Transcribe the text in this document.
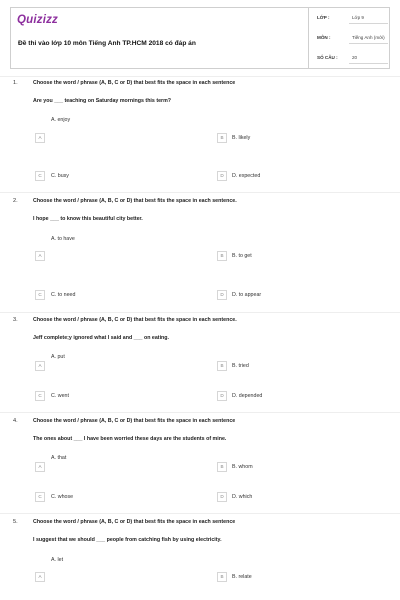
Quizizz
Đề thi vào lớp 10 môn Tiếng Anh TP.HCM 2018 có đáp án
LỚP :	Lớp 9
MÔN :	Tiếng Anh (mới)
SỐ CÂU :	20
1.	Choose the word / phrase (A, B, C or D) that best fits the space in each sentence
Are you ___ teaching on Saturday mornings this term?
A. enjoy
A	B	B. likely
C	C. busy	D	D. expected
2.	Choose the word / phrase (A, B, C or D) that best fits the space in each sentence.
I hope ___ to know this beautiful city better.
A. to have
A	B	B. to get
C	C. to need	D	D. to appear
3.	Choose the word / phrase (A, B, C or D) that best fits the space in each sentence.
Jeff complete;y ignored what I said and ___ on eating.
A. put
A	B	B. tried
C	C. went	D	D. depended
4.	Choose the word / phrase (A, B, C or D) that best fits the space in each sentence
The ones about ___ I have been worried these days are the students of mine.
A. that
A	B	B. whom
C	C. whose	D	D. which
5.	Choose the word / phrase (A, B, C or D) that best fits the space in each sentence
I suggest that we should ___ people from catching fish by using electricity.
A. let
A	B	B. relate
